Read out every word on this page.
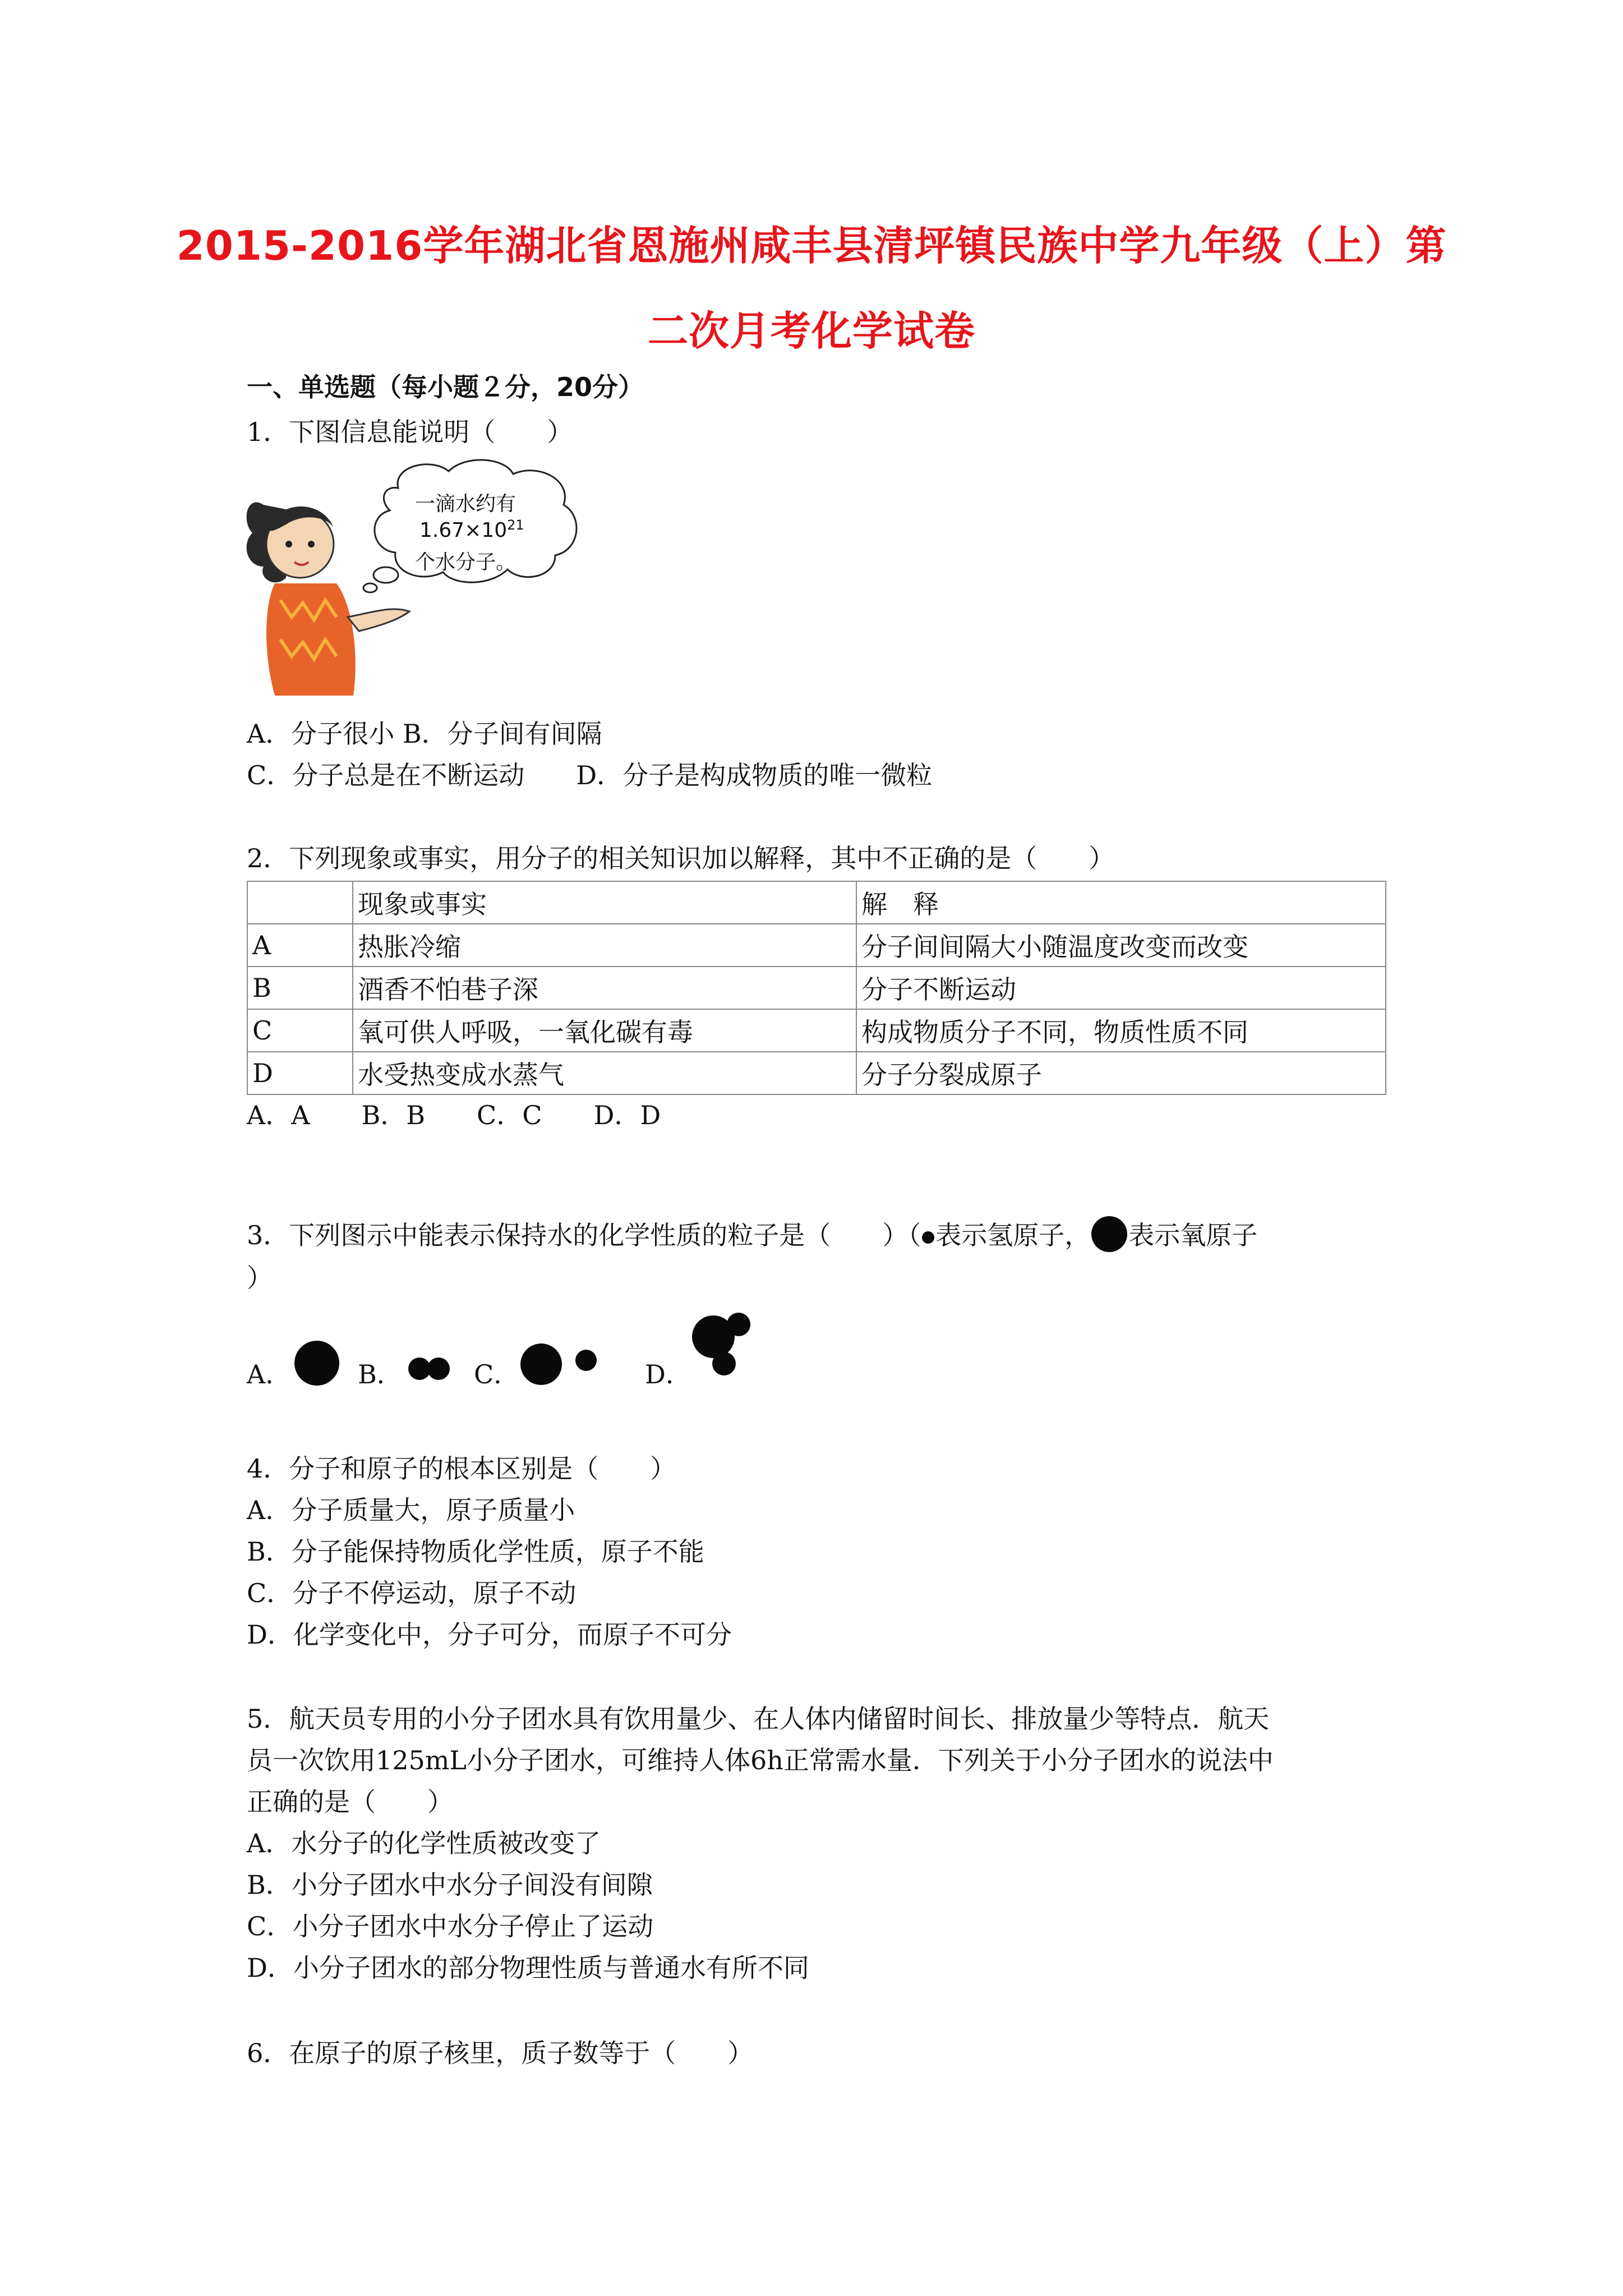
2015-2016学年湖北省恩施州咸丰县清坪镇民族中学九年级（上）第
二次月考化学试卷
一、单选题（每小题２分，20分）
1．下图信息能说明（　　）
一滴水约有
$1.67\times 10^{21}$
个水分子。
A．分子很小 B．分子间有间隔
C．分子总是在不断运动　　D．分子是构成物质的唯一微粒
2．下列现象或事实，用分子的相关知识加以解释，其中不正确的是（　　）
	现象或事实	解　释
A	热胀冷缩	分子间间隔大小随温度改变而改变
B	酒香不怕巷子深	分子不断运动
C	氧可供人呼吸，一氧化碳有毒	构成物质分子不同，物质性质不同
D	水受热变成水蒸气	分子分裂成原子
A．A　　B．B　　C．C　　D．D
3．下列图示中能表示保持水的化学性质的粒子是（　　）（ 表示氢原子， 表示氧原子
）
A．	B．	C．	D．
4．分子和原子的根本区别是（　　）
A．分子质量大，原子质量小
B．分子能保持物质化学性质，原子不能
C．分子不停运动，原子不动
D．化学变化中，分子可分，而原子不可分
5．航天员专用的小分子团水具有饮用量少、在人体内储留时间长、排放量少等特点．航天
员一次饮用125mL小分子团水，可维持人体6h正常需水量．下列关于小分子团水的说法中
正确的是（　　）
A．水分子的化学性质被改变了
B．小分子团水中水分子间没有间隙
C．小分子团水中水分子停止了运动
D．小分子团水的部分物理性质与普通水有所不同
6．在原子的原子核里，质子数等于（　　）
